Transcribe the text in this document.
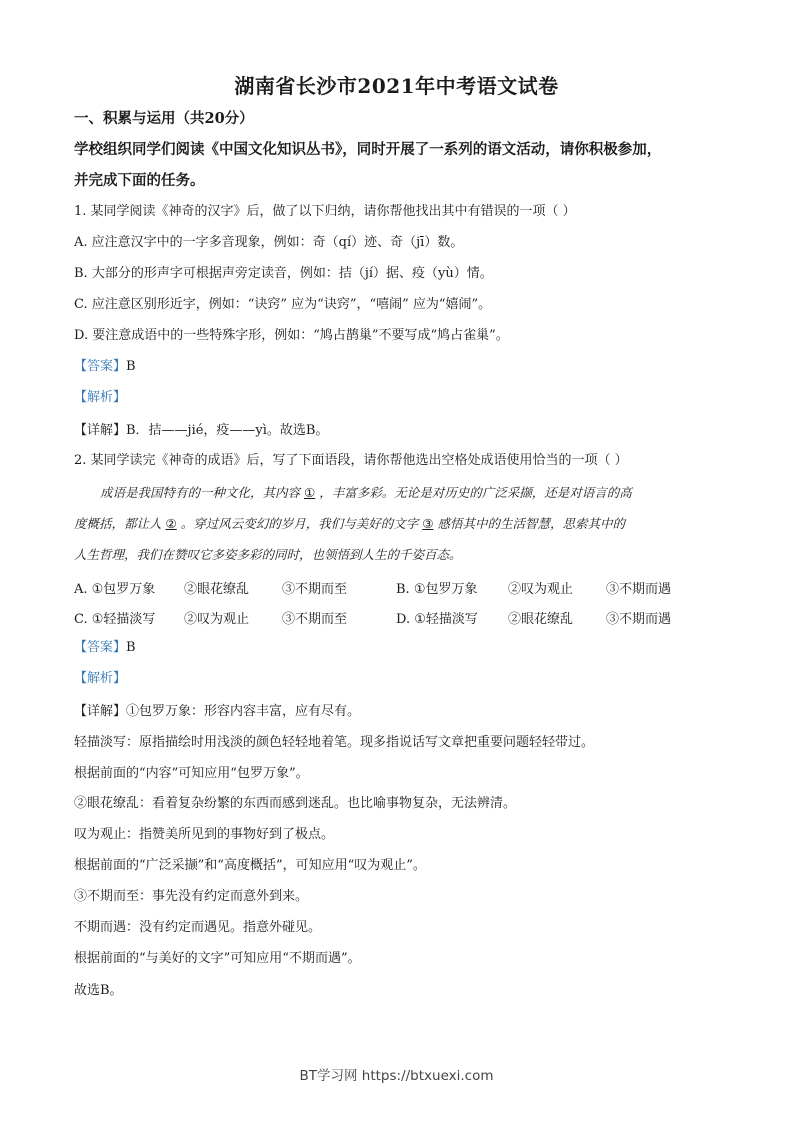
湖南省长沙市2021年中考语文试卷
一、积累与运用（共20分）
学校组织同学们阅读《中国文化知识丛书》，同时开展了一系列的语文活动，请你积极参加，
并完成下面的任务。
1. 某同学阅读《神奇的汉字》后，做了以下归纳，请你帮他找出其中有错误的一项（ ）
A. 应注意汉字中的一字多音现象，例如：奇（qí）迹、奇（jī）数。
B. 大部分的形声字可根据声旁定读音，例如：拮（jí）据、疫（yù）情。
C. 应注意区别形近字，例如：“诀窍” 应为“诀窍”，“嘻闹” 应为“嬉闹”。
D. 要注意成语中的一些特殊字形，例如：“鸠占鹊巢”不要写成“鸠占雀巢”。
【答案】B
【解析】
【详解】B．拮——jié，疫——yì。故选B。
2. 某同学读完《神奇的成语》后，写了下面语段，请你帮他选出空格处成语使用恰当的一项（ ）
成语是我国特有的一种文化，其内容 ① ，丰富多彩。无论是对历史的广泛采撷，还是对语言的高
度概括，都让人 ② 。穿过风云变幻的岁月，我们与美好的文字 ③ 感悟其中的生活智慧，思索其中的
人生哲理，我们在赞叹它多姿多彩的同时，也领悟到人生的千姿百态。
A. ①包罗万象 ②眼花缭乱	③不期而至	B. ①包罗万象 ②叹为观止	③不期而遇
C. ①轻描淡写 ②叹为观止	③不期而至	D. ①轻描淡写 ②眼花缭乱	③不期而遇
【答案】B
【解析】
【详解】①包罗万象：形容内容丰富，应有尽有。
轻描淡写：原指描绘时用浅淡的颜色轻轻地着笔。现多指说话写文章把重要问题轻轻带过。
根据前面的“内容”可知应用“包罗万象”。
②眼花缭乱：看着复杂纷繁的东西而感到迷乱。也比喻事物复杂，无法辨清。
叹为观止：指赞美所见到的事物好到了极点。
根据前面的“广泛采撷”和“高度概括”，可知应用“叹为观止”。
③不期而至：事先没有约定而意外到来。
不期而遇：没有约定而遇见。指意外碰见。
根据前面的“与美好的文字”可知应用“不期而遇”。
故选B。
BT学习网 https://btxuexi.com
